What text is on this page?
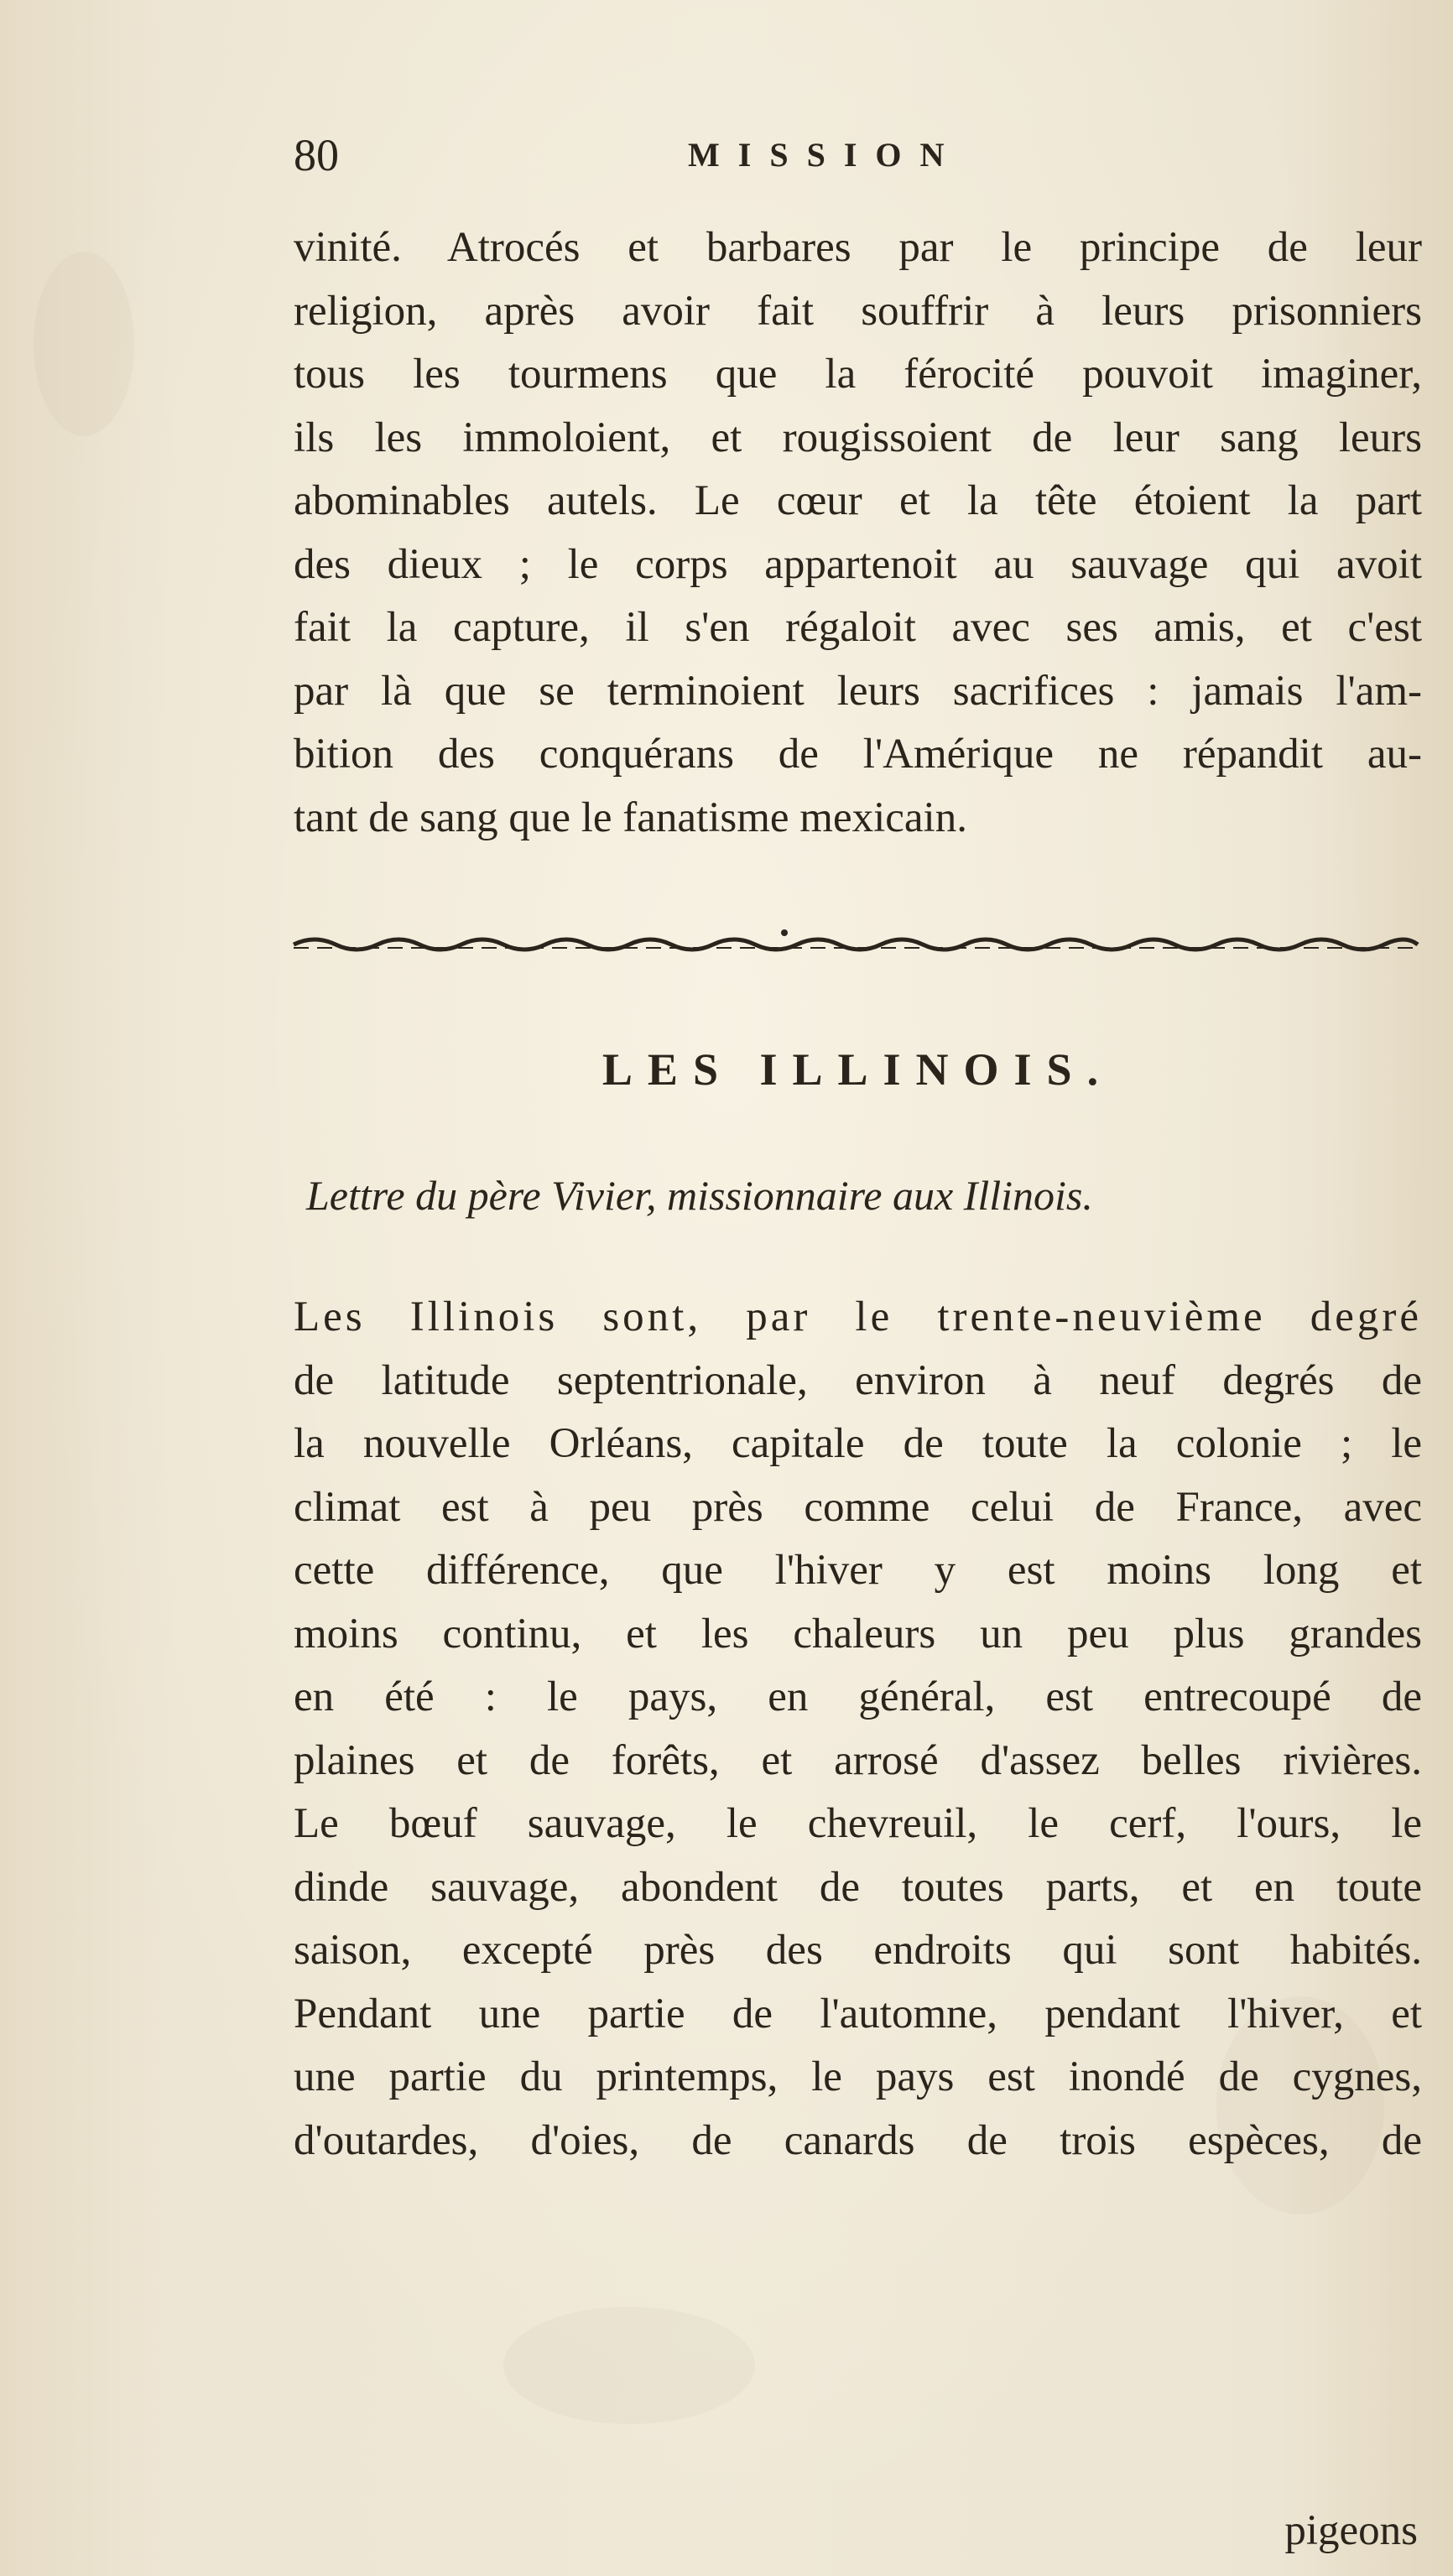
80	MISSION
vinité. Atrocés et barbares par le principe de leur
religion, après avoir fait souffrir à leurs prisonniers
tous les tourmens que la férocité pouvoit imaginer,
ils les immoloient, et rougissoient de leur sang leurs
abominables autels. Le cœur et la tête étoient la part
des dieux ; le corps appartenoit au sauvage qui avoit
fait la capture, il s'en régaloit avec ses amis, et c'est
par là que se terminoient leurs sacrifices : jamais l'am-
bition des conquérans de l'Amérique ne répandit au-
tant de sang que le fanatisme mexicain.
LES ILLINOIS.
Lettre du père Vivier, missionnaire aux Illinois.
Les Illinois sont, par le trente-neuvième degré
de latitude septentrionale, environ à neuf degrés de
la nouvelle Orléans, capitale de toute la colonie ; le
climat est à peu près comme celui de France, avec
cette différence, que l'hiver y est moins long et
moins continu, et les chaleurs un peu plus grandes
en été : le pays, en général, est entrecoupé de
plaines et de forêts, et arrosé d'assez belles rivières.
Le bœuf sauvage, le chevreuil, le cerf, l'ours, le
dinde sauvage, abondent de toutes parts, et en toute
saison, excepté près des endroits qui sont habités.
Pendant une partie de l'automne, pendant l'hiver, et
une partie du printemps, le pays est inondé de cygnes,
d'outardes, d'oies, de canards de trois espèces, de
pigeons
